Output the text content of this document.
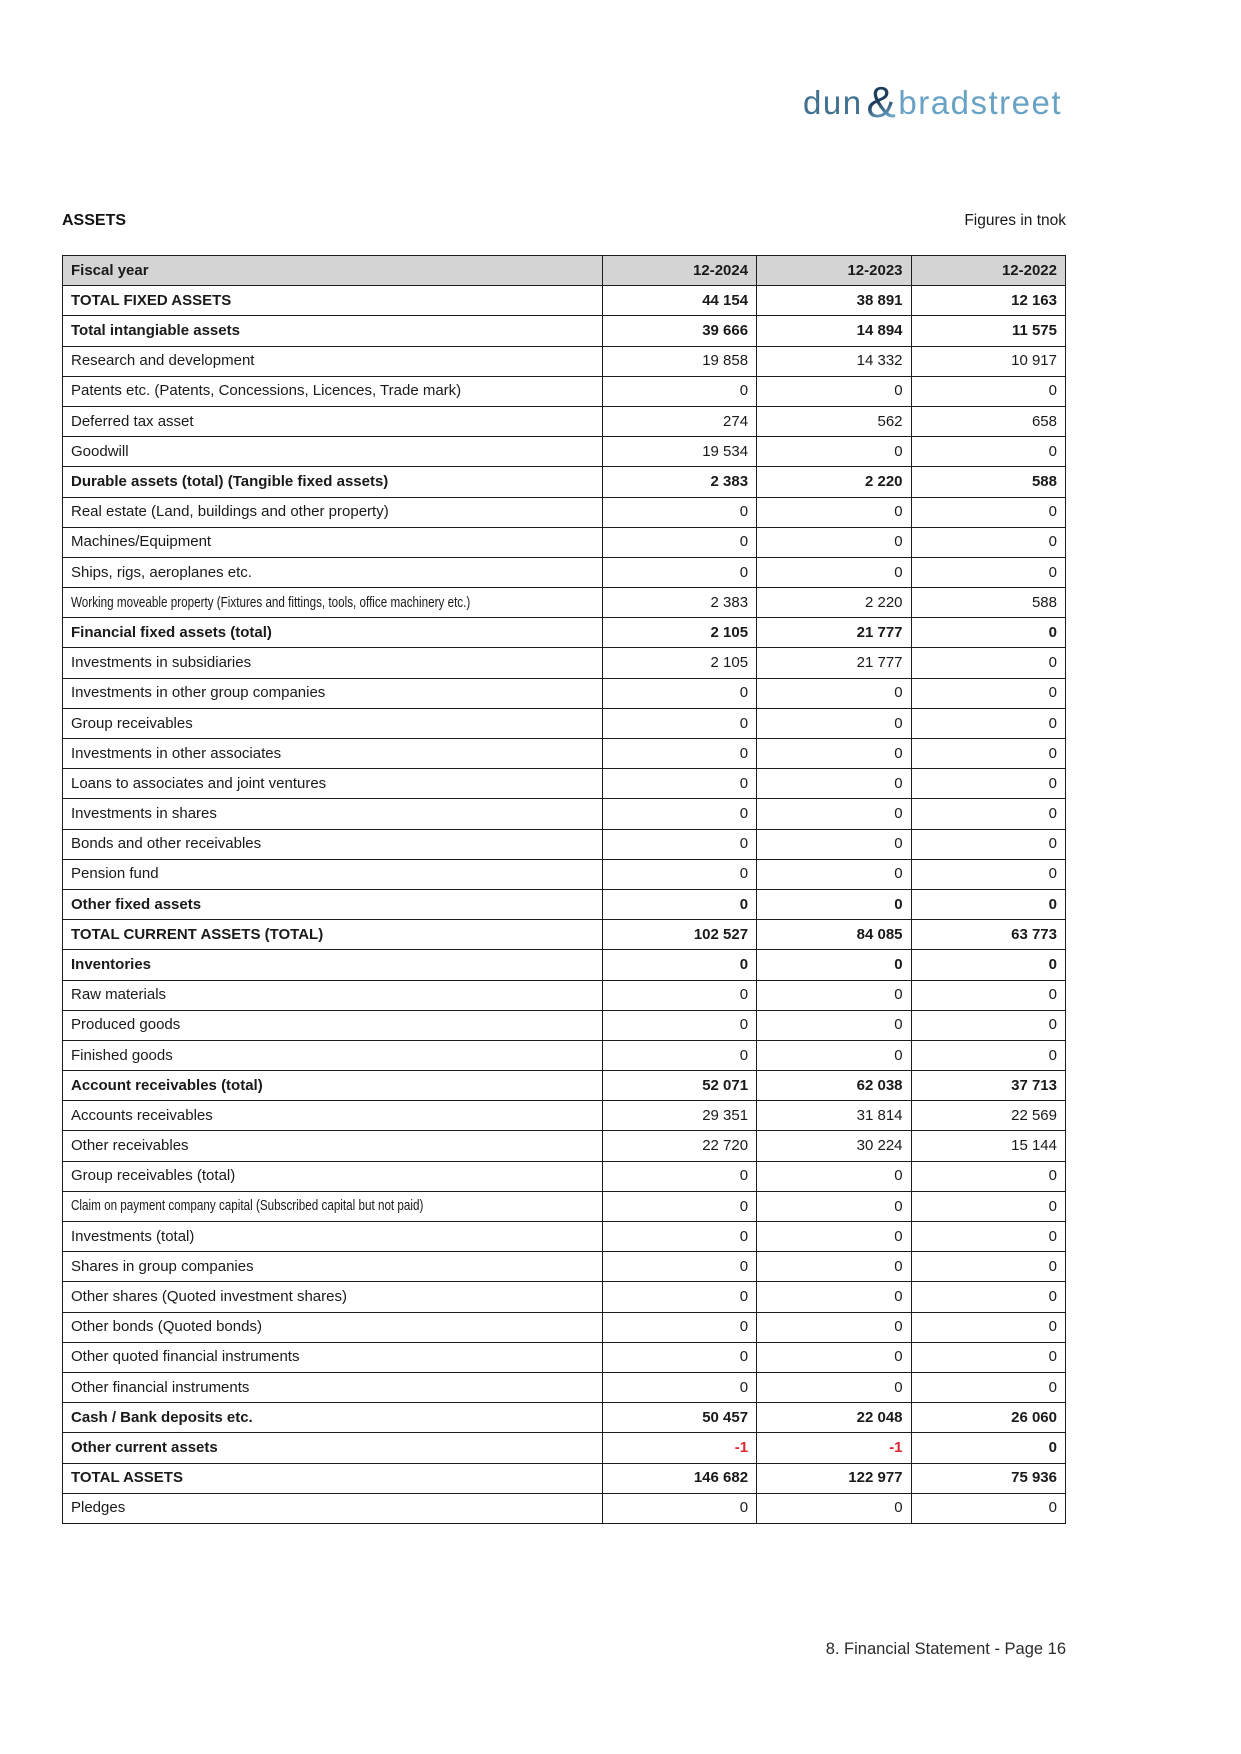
dun & bradstreet
ASSETS	Figures in tnok
Fiscal year	12-2024	12-2023	12-2022
TOTAL FIXED ASSETS	44 154	38 891	12 163
Total intangiable assets	39 666	14 894	11 575
Research and development	19 858	14 332	10 917
Patents etc. (Patents, Concessions, Licences, Trade mark)	0	0	0
Deferred tax asset	274	562	658
Goodwill	19 534	0	0
Durable assets (total) (Tangible fixed assets)	2 383	2 220	588
Real estate (Land, buildings and other property)	0	0	0
Machines/Equipment	0	0	0
Ships, rigs, aeroplanes etc.	0	0	0
Working moveable property (Fixtures and fittings, tools, office machinery etc.)	2 383	2 220	588
Financial fixed assets (total)	2 105	21 777	0
Investments in subsidiaries	2 105	21 777	0
Investments in other group companies	0	0	0
Group receivables	0	0	0
Investments in other associates	0	0	0
Loans to associates and joint ventures	0	0	0
Investments in shares	0	0	0
Bonds and other receivables	0	0	0
Pension fund	0	0	0
Other fixed assets	0	0	0
TOTAL CURRENT ASSETS (TOTAL)	102 527	84 085	63 773
Inventories	0	0	0
Raw materials	0	0	0
Produced goods	0	0	0
Finished goods	0	0	0
Account receivables (total)	52 071	62 038	37 713
Accounts receivables	29 351	31 814	22 569
Other receivables	22 720	30 224	15 144
Group receivables (total)	0	0	0
Claim on payment company capital (Subscribed capital but not paid)	0	0	0
Investments (total)	0	0	0
Shares in group companies	0	0	0
Other shares (Quoted investment shares)	0	0	0
Other bonds (Quoted bonds)	0	0	0
Other quoted financial instruments	0	0	0
Other financial instruments	0	0	0
Cash / Bank deposits etc.	50 457	22 048	26 060
Other current assets	-1	-1	0
TOTAL ASSETS	146 682	122 977	75 936
Pledges	0	0	0
8. Financial Statement - Page 16
